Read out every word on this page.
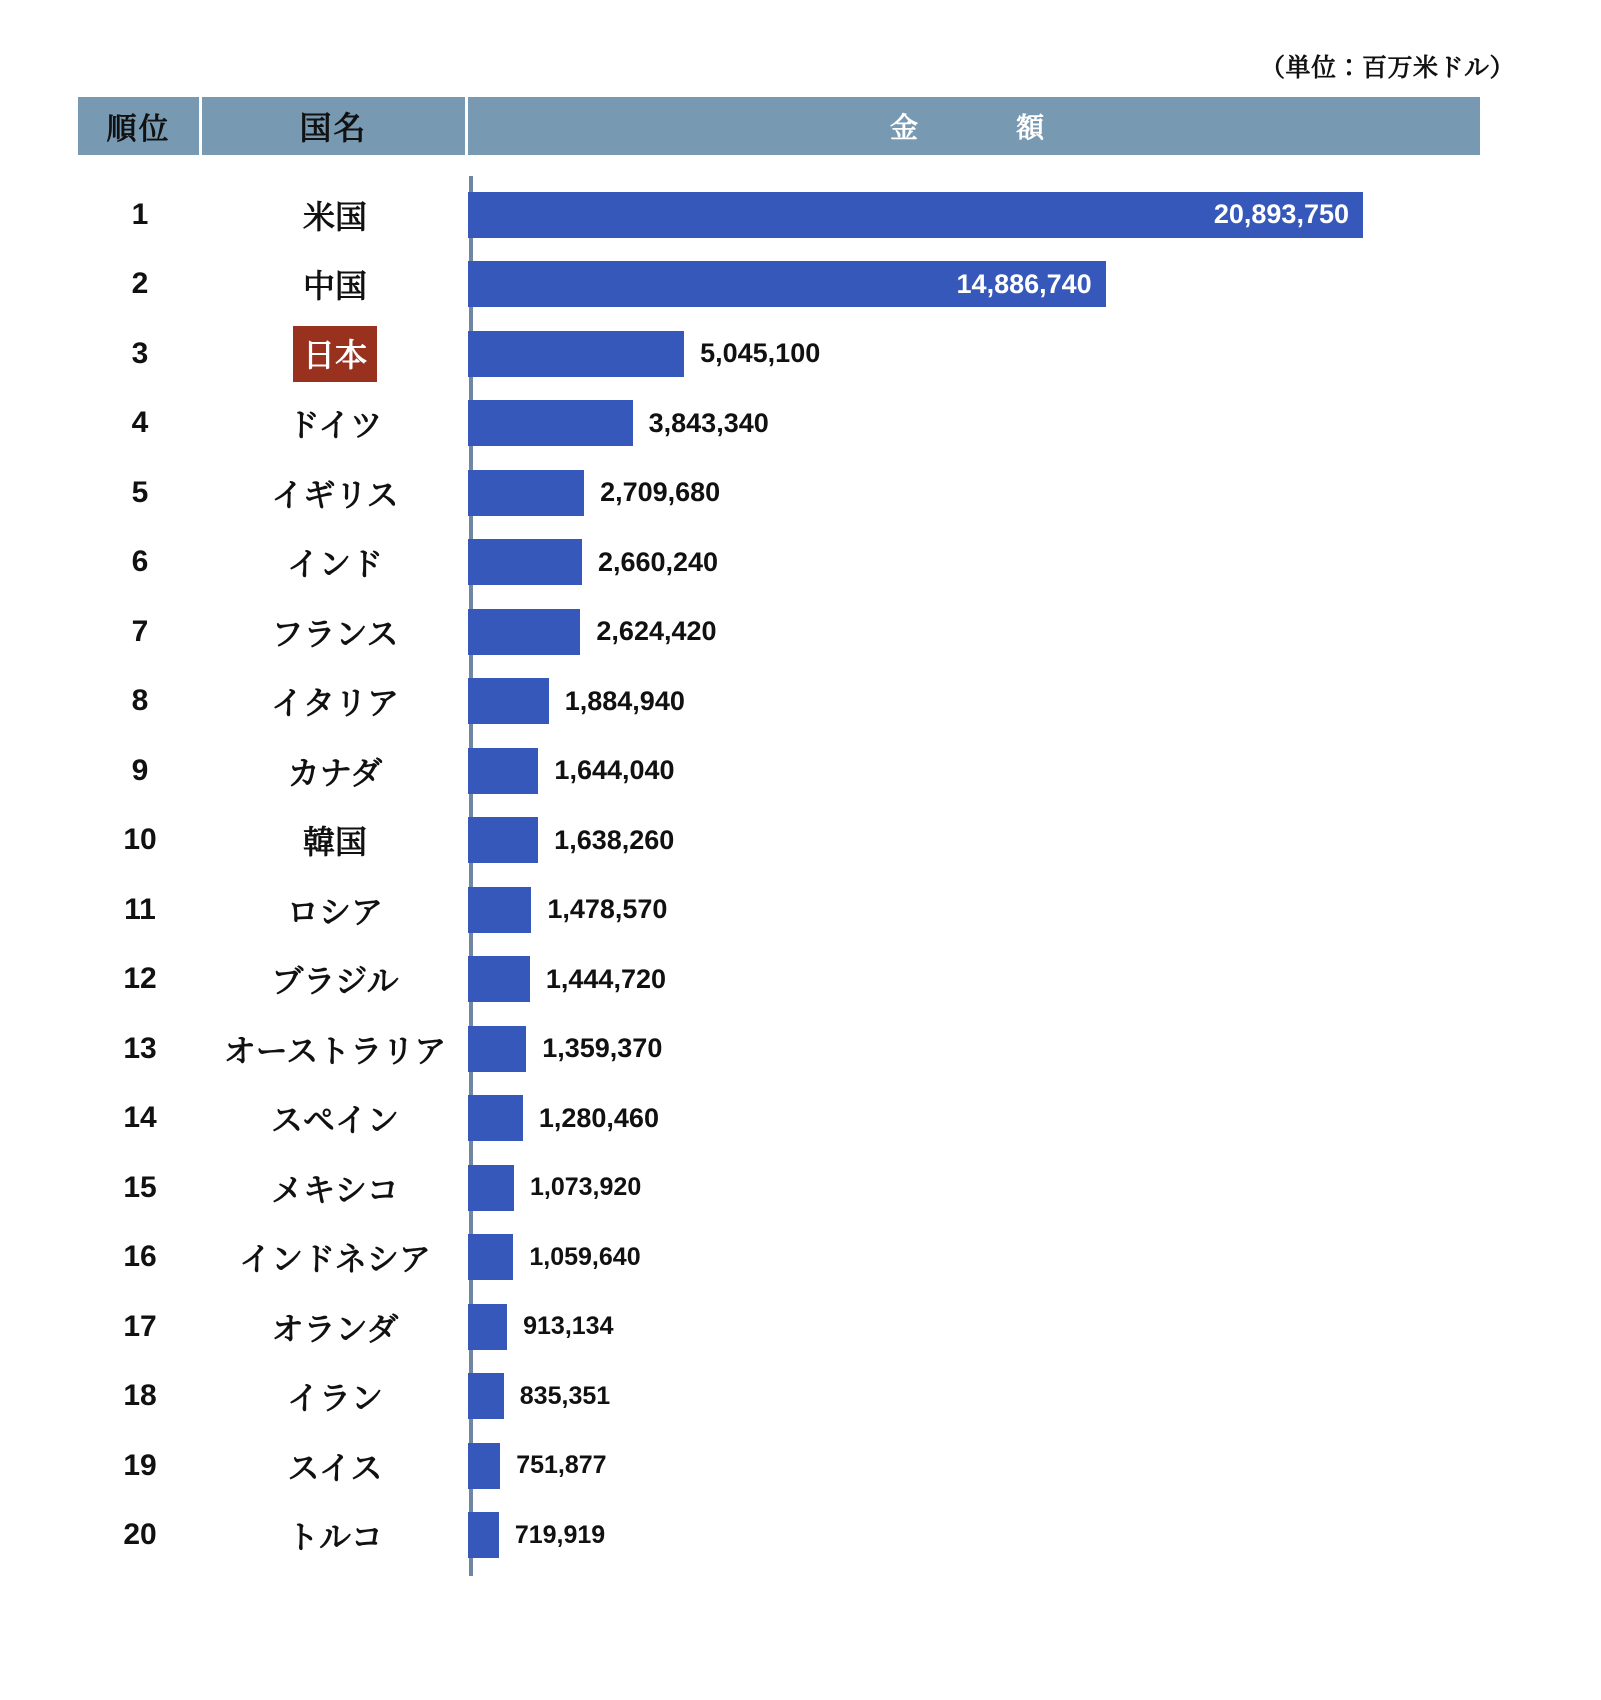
（単位：百万米ドル）
順位	国名	金　　額
1	米国	20,893,750
2	中国	14,886,740
3	日本	5,045,100
4	ドイツ	3,843,340
5	イギリス	2,709,680
6	インド	2,660,240
7	フランス	2,624,420
8	イタリア	1,884,940
9	カナダ	1,644,040
10	韓国	1,638,260
11	ロシア	1,478,570
12	ブラジル	1,444,720
13	オーストラリア	1,359,370
14	スペイン	1,280,460
15	メキシコ	1,073,920
16	インドネシア	1,059,640
17	オランダ	913,134
18	イラン	835,351
19	スイス	751,877
20	トルコ	719,919
